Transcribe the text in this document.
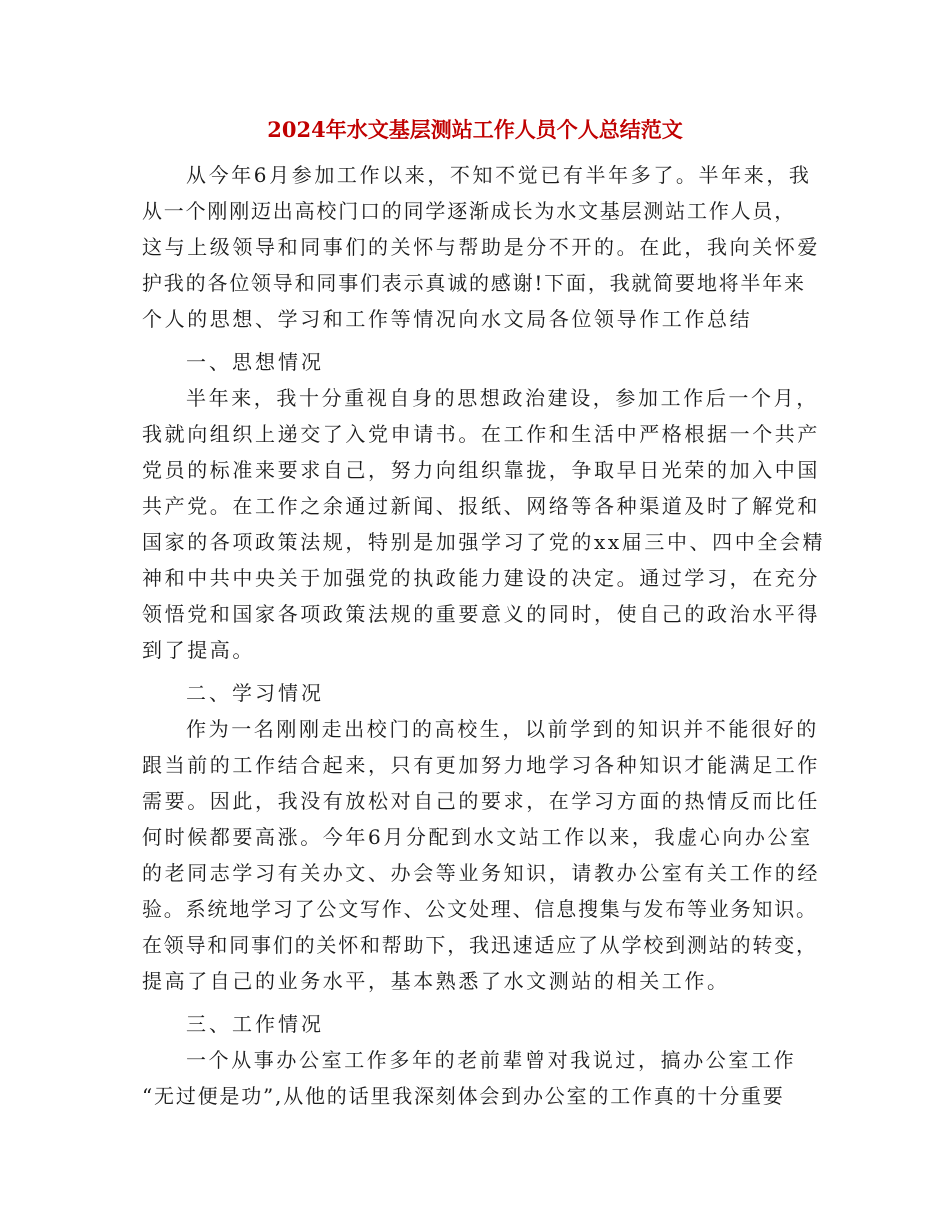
2024年水文基层测站工作人员个人总结范文
从今年6月参加工作以来，不知不觉已有半年多了。半年来，我
从一个刚刚迈出高校门口的同学逐渐成长为水文基层测站工作人员，
这与上级领导和同事们的关怀与帮助是分不开的。在此，我向关怀爱
护我的各位领导和同事们表示真诚的感谢!下面，我就简要地将半年来
个人的思想、学习和工作等情况向水文局各位领导作工作总结
一、思想情况
半年来，我十分重视自身的思想政治建设，参加工作后一个月，
我就向组织上递交了入党申请书。在工作和生活中严格根据一个共产
党员的标准来要求自己，努力向组织靠拢，争取早日光荣的加入中国
共产党。在工作之余通过新闻、报纸、网络等各种渠道及时了解党和
国家的各项政策法规，特别是加强学习了党的xx届三中、四中全会精
神和中共中央关于加强党的执政能力建设的决定。通过学习，在充分
领悟党和国家各项政策法规的重要意义的同时，使自己的政治水平得
到了提高。
二、学习情况
作为一名刚刚走出校门的高校生，以前学到的知识并不能很好的
跟当前的工作结合起来，只有更加努力地学习各种知识才能满足工作
需要。因此，我没有放松对自己的要求，在学习方面的热情反而比任
何时候都要高涨。今年6月分配到水文站工作以来，我虚心向办公室
的老同志学习有关办文、办会等业务知识，请教办公室有关工作的经
验。系统地学习了公文写作、公文处理、信息搜集与发布等业务知识。
在领导和同事们的关怀和帮助下，我迅速适应了从学校到测站的转变，
提高了自己的业务水平，基本熟悉了水文测站的相关工作。
三、工作情况
一个从事办公室工作多年的老前辈曾对我说过，搞办公室工作
“无过便是功”,从他的话里我深刻体会到办公室的工作真的十分重要
